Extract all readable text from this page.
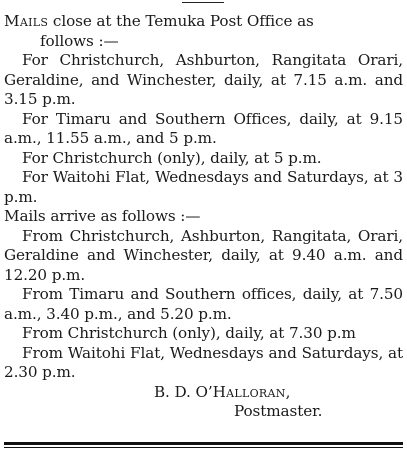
Mails close at the Temuka Post Office as

follows :—

For Christchurch, Ashburton, Rangitata Orari, Geraldine, and Winchester, daily, at 7.15 a.m. and 3.15 p.m.

For Timaru and Southern Offices, daily, at 9.15 a.m., 11.55 a.m., and 5 p.m.

For Christchurch (only), daily, at 5 p.m.

For Waitohi Flat, Wednesdays and Saturdays, at 3 p.m.

Mails arrive as follows :—

From Christchurch, Ashburton, Rangitata, Orari, Geraldine and Winchester, daily, at 9.40 a.m. and 12.20 p.m.

From Timaru and Southern offices, daily, at 7.50 a.m., 3.40 p.m., and 5.20 p.m.

From Christchurch (only), daily, at 7.30 p.m

From Waitohi Flat, Wednesdays and Saturdays, at 2.30 p.m.

B. D. O’Halloran,

Postmaster.
